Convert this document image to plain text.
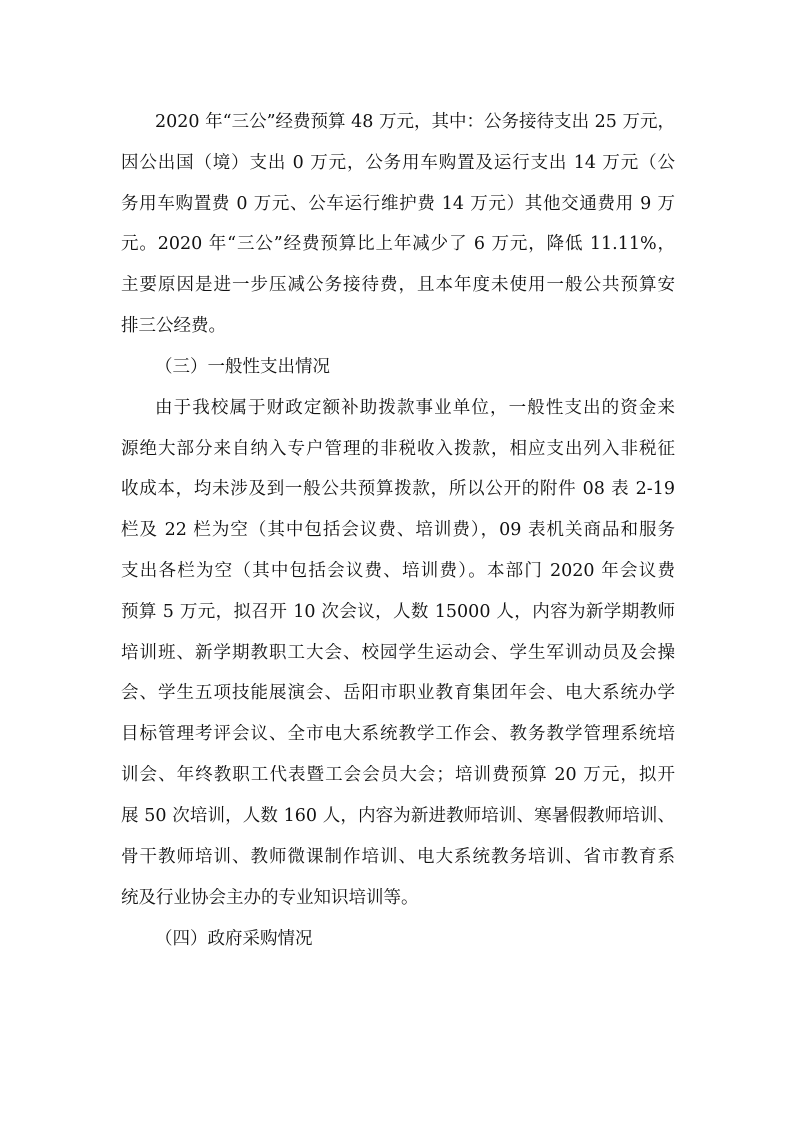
2020 年“三公”经费预算 48 万元，其中：公务接待支出 25 万元，
因公出国（境）支出 0 万元，公务用车购置及运行支出 14 万元（公
务用车购置费 0 万元、公车运行维护费 14 万元）其他交通费用 9 万
元。2020 年“三公”经费预算比上年减少了 6 万元，降低 11.11%，
主要原因是进一步压减公务接待费，且本年度未使用一般公共预算安
排三公经费。
（三）一般性支出情况
由于我校属于财政定额补助拨款事业单位，一般性支出的资金来
源绝大部分来自纳入专户管理的非税收入拨款，相应支出列入非税征
收成本，均未涉及到一般公共预算拨款，所以公开的附件 08 表 2-19
栏及 22 栏为空（其中包括会议费、培训费），09 表机关商品和服务
支出各栏为空（其中包括会议费、培训费）。本部门 2020 年会议费
预算 5 万元，拟召开 10 次会议，人数 15000 人，内容为新学期教师
培训班、新学期教职工大会、校园学生运动会、学生军训动员及会操
会、学生五项技能展演会、岳阳市职业教育集团年会、电大系统办学
目标管理考评会议、全市电大系统教学工作会、教务教学管理系统培
训会、年终教职工代表暨工会会员大会；培训费预算 20 万元，拟开
展 50 次培训，人数 160 人，内容为新进教师培训、寒暑假教师培训、
骨干教师培训、教师微课制作培训、电大系统教务培训、省市教育系
统及行业协会主办的专业知识培训等。
（四）政府采购情况
